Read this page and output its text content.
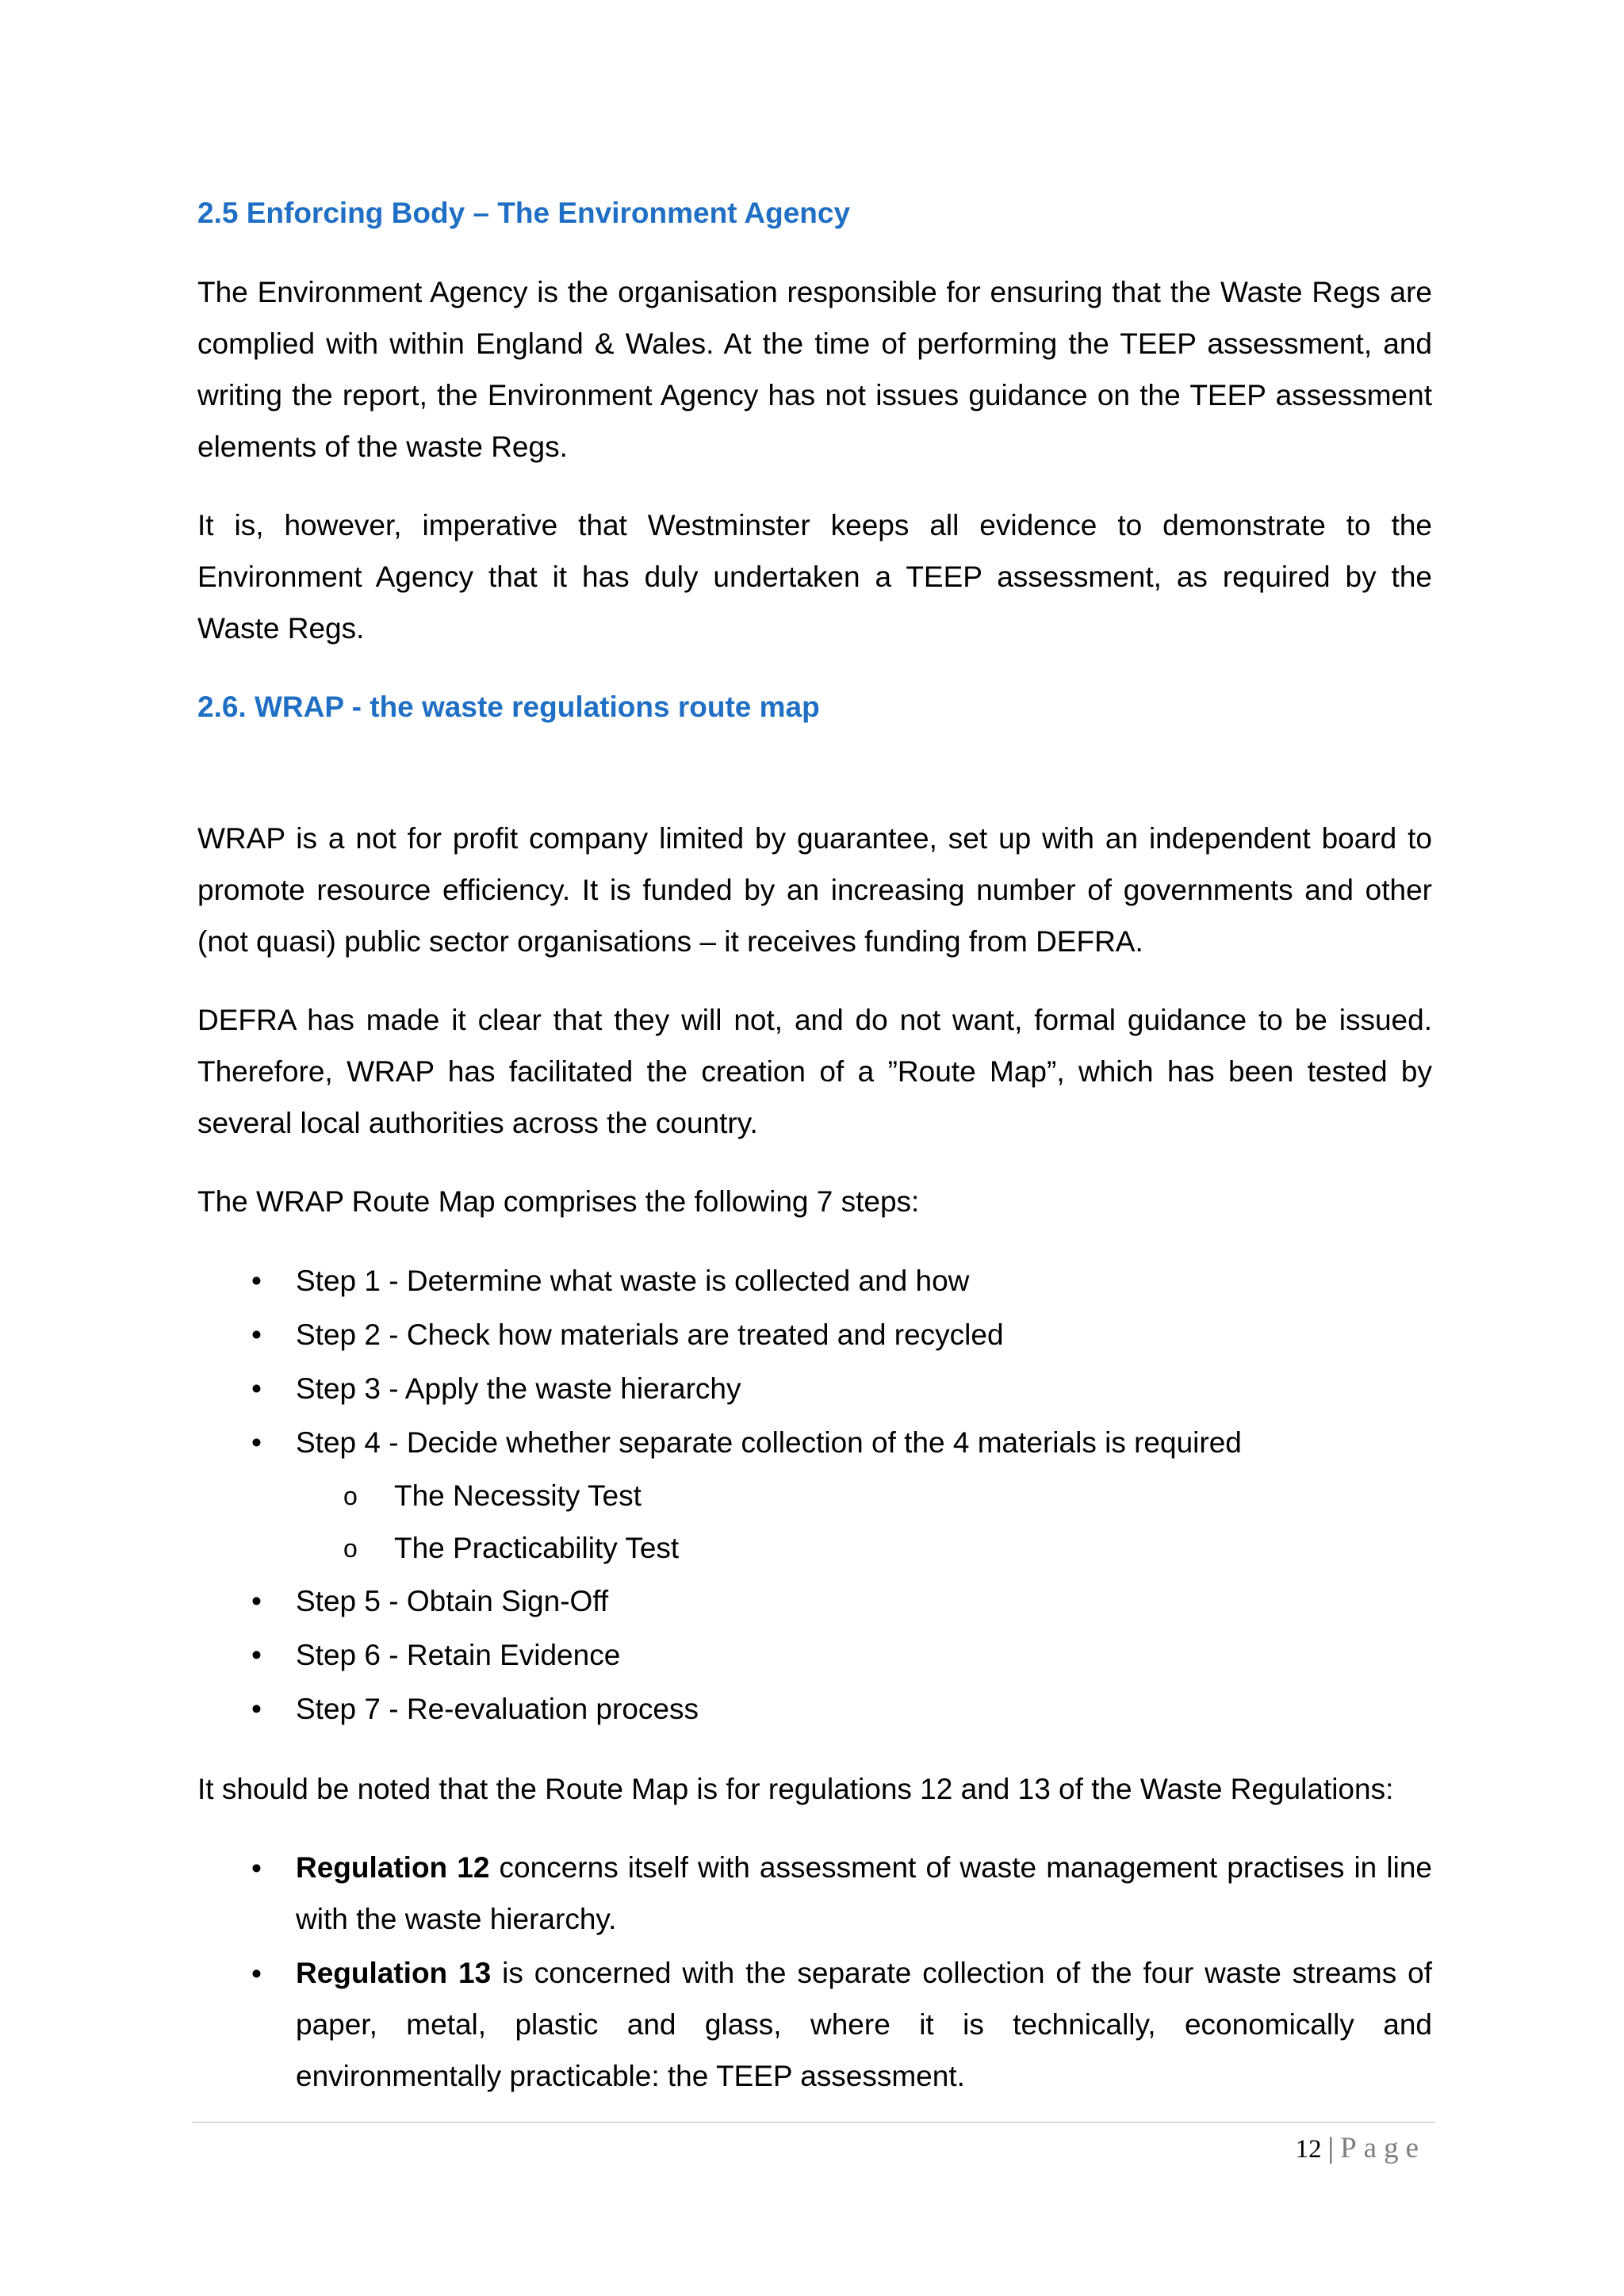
2.5 Enforcing Body – The Environment Agency

The Environment Agency is the organisation responsible for ensuring that the Waste Regs are complied with within England & Wales. At the time of performing the TEEP assessment, and writing the report, the Environment Agency has not issues guidance on the TEEP assessment elements of the waste Regs.

It is, however, imperative that Westminster keeps all evidence to demonstrate to the Environment Agency that it has duly undertaken a TEEP assessment, as required by the Waste Regs.

2.6. WRAP - the waste regulations route map

WRAP is a not for profit company limited by guarantee, set up with an independent board to promote resource efficiency. It is funded by an increasing number of governments and other (not quasi) public sector organisations – it receives funding from DEFRA.

DEFRA has made it clear that they will not, and do not want, formal guidance to be issued. Therefore, WRAP has facilitated the creation of a ”Route Map”, which has been tested by several local authorities across the country.

The WRAP Route Map comprises the following 7 steps:

•	Step 1 - Determine what waste is collected and how
•	Step 2 - Check how materials are treated and recycled
•	Step 3 - Apply the waste hierarchy
•	Step 4 - Decide whether separate collection of the 4 materials is required
o The Necessity Test
o The Practicability Test
•	Step 5 - Obtain Sign-Off
•	Step 6 - Retain Evidence
•	Step 7 - Re-evaluation process

It should be noted that the Route Map is for regulations 12 and 13 of the Waste Regulations:

•	Regulation 12 concerns itself with assessment of waste management practises in line with the waste hierarchy.
•	Regulation 13 is concerned with the separate collection of the four waste streams of paper, metal, plastic and glass, where it is technically, economically and environmentally practicable: the TEEP assessment.
12 | Page
